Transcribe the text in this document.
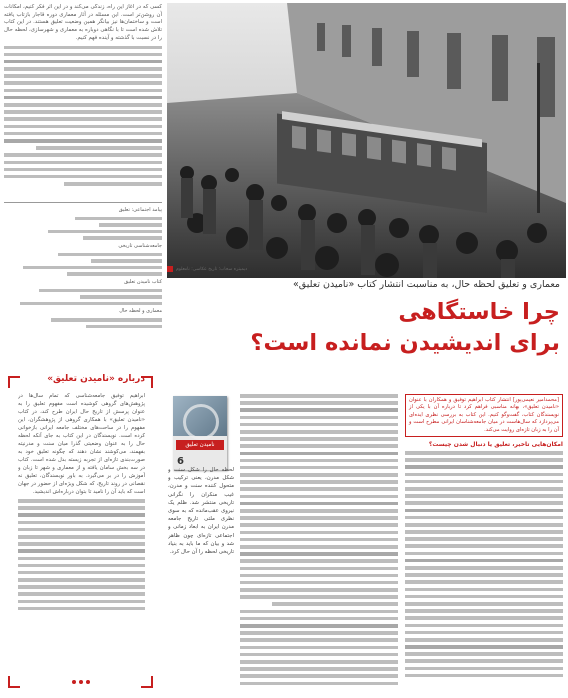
کسی که در آغاز این راه، زندگی می‌کند و در این اثر فکر کنیم، امکانات آن روشن‌تر است. این مسئله در آثار معماری دوره قاجار بازتاب یافته است و ساختمان‌ها نیز بیانگر همین وضعیت تعلیق هستند. در این کتاب تلاش شده است تا با نگاهی دوباره به معماری و شهرسازی، لحظه حال را در نسبت با گذشته و آینده فهم کنیم.
پیامد اجتماعی: تعلیق
جامعه‌شناسی تاریخی
کتاب نامیدن تعلیق
معماری و لحظه حال
دیمیتره سحاب؛ تاریخ عکاسی: نامعلوم
معماری و تعلیق لحظه حال، به مناسبت انتشار کتاب «نامیدن تعلیق»
چرا خاستگاهی
برای اندیشیدن نمانده است؟
درباره «نامیدن تعلیق»
ابراهیم توفیق جامعه‌شناسی که تمام سال‌ها در پژوهش‌های گروهی کوشیده است مفهوم تعلیق را به عنوان پرسش از تاریخ حال ایران طرح کند، در کتاب «نامیدن تعلیق» با همکاری گروهی از پژوهشگران، این مفهوم را در ساحت‌های مختلف جامعه ایرانی بازخوانی کرده است. نویسندگان در این کتاب به جای آنکه لحظه حال را به عنوان وضعیتی گذرا میان سنت و مدرنیته بفهمند، می‌کوشند نشان دهند که چگونه تعلیق خود به صورت‌بندی تازه‌ای از تجربه زیسته بدل شده است. کتاب در سه بخش سامان یافته و از معماری و شهر تا زبان و آموزش را در بر می‌گیرد. به باور نویسندگان، تعلیق نه نقصانی در روند تاریخ، که شکل ویژه‌ای از حضور در جهان است که باید آن را نامید تا بتوان درباره‌اش اندیشید.
نامیدن تعلیق
6
لحظه حال را شکل سنت و شکل مدرن، یعنی ترکیب و متحول کننده سنت و مدرن، غیب منکران را نگرانی تاریخی منتشر شد. ظلم یک نیروی عقب‌مانده که به سوی نظری ملتی تاریخ جامعه مدرن ایران به ابعاد زمانی و اجتماعی تازه‌ای چون ظاهر شد و بیان که ما باید به بنیاد تاریخی لحظه را آن حال کرد.
[محمدامیر نعیمی‌پور] انتشار کتاب ابراهیم توفیق و همکاران با عنوان «نامیدن تعلیق»، بهانه مناسبی فراهم کرد تا درباره آن با یکی از نویسندگان کتاب، گفت‌وگو کنیم. این کتاب به بررسی نظری ایده‌ای می‌پردازد که سال‌هاست در میان جامعه‌شناسان ایرانی مطرح است و آن را به زبان تازه‌ای روایت می‌کند.
امکان‌هایی تاخیر، تعلیق یا دنبال شدن چیست؟
